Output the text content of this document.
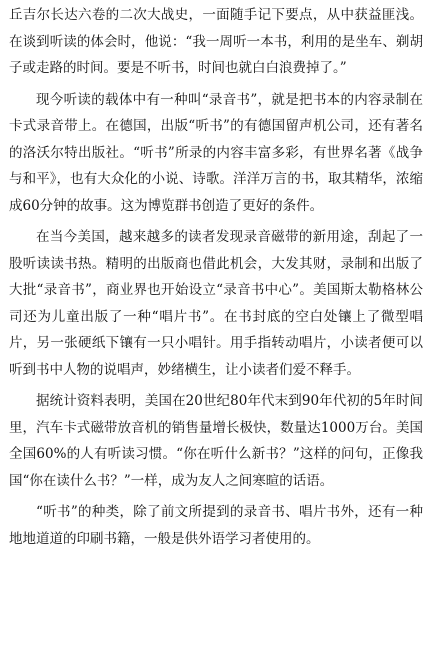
丘吉尔长达六卷的二次大战史，一面随手记下要点，从中获益匪浅。在谈到听读的体会时，他说：“我一周听一本书，利用的是坐车、剃胡子或走路的时间。要是不听书，时间也就白白浪费掉了。”

现今听读的载体中有一种叫“录音书”，就是把书本的内容录制在卡式录音带上。在德国，出版“听书”的有德国留声机公司，还有著名的洛沃尔特出版社。“听书”所录的内容丰富多彩，有世界名著《战争与和平》，也有大众化的小说、诗歌。洋洋万言的书，取其精华，浓缩成60分钟的故事。这为博览群书创造了更好的条件。

在当今美国，越来越多的读者发现录音磁带的新用途，刮起了一股听读读书热。精明的出版商也借此机会，大发其财，录制和出版了大批“录音书”，商业界也开始设立“录音书中心”。美国斯太勒格林公司还为儿童出版了一种“唱片书”。在书封底的空白处镶上了微型唱片，另一张硬纸下镶有一只小唱针。用手指转动唱片，小读者便可以听到书中人物的说唱声，妙绪横生，让小读者们爱不释手。

据统计资料表明，美国在20世纪80年代末到90年代初的5年时间里，汽车卡式磁带放音机的销售量增长极快，数量达1000万台。美国全国60%的人有听读习惯。“你在听什么新书？”这样的问句，正像我国“你在读什么书？”一样，成为友人之间寒暄的话语。

“听书”的种类，除了前文所提到的录音书、唱片书外，还有一种地地道道的印刷书籍，一般是供外语学习者使用的。
